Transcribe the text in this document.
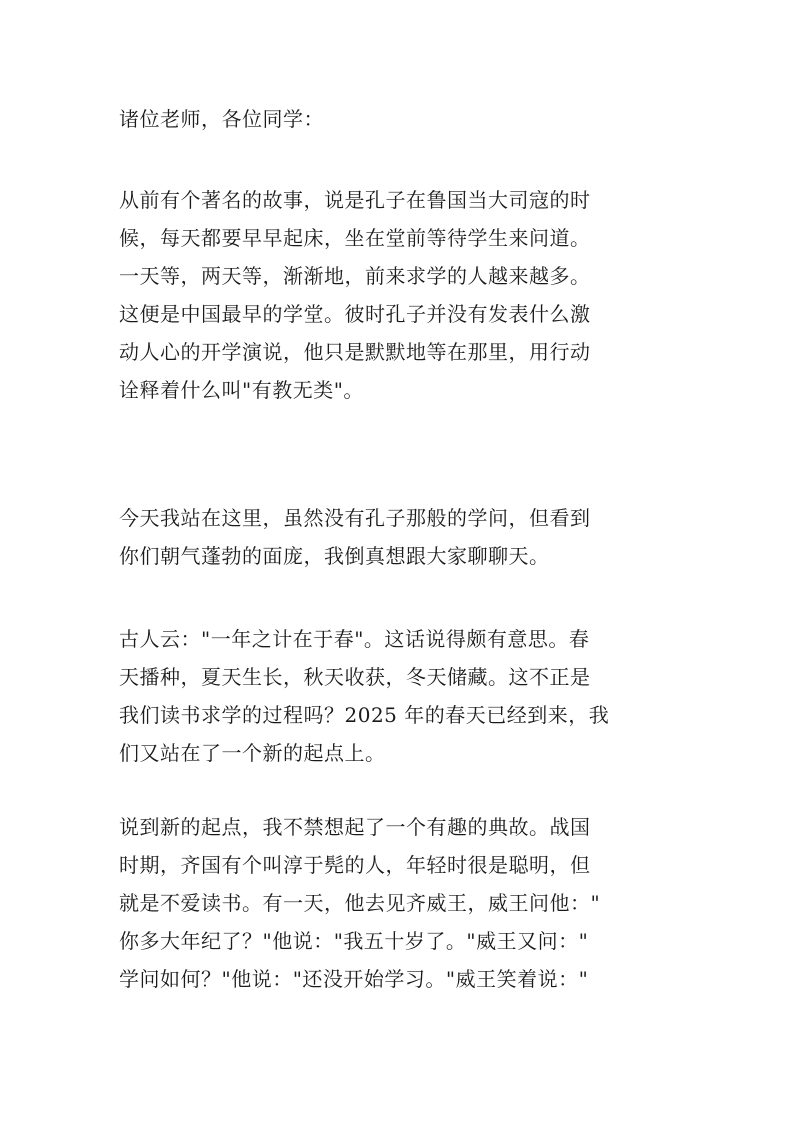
诸位老师，各位同学：
从前有个著名的故事，说是孔子在鲁国当大司寇的时
候，每天都要早早起床，坐在堂前等待学生来问道。
一天等，两天等，渐渐地，前来求学的人越来越多。
这便是中国最早的学堂。彼时孔子并没有发表什么激
动人心的开学演说，他只是默默地等在那里，用行动
诠释着什么叫"有教无类"。
今天我站在这里，虽然没有孔子那般的学问，但看到
你们朝气蓬勃的面庞，我倒真想跟大家聊聊天。
古人云："一年之计在于春"。这话说得颇有意思。春
天播种，夏天生长，秋天收获，冬天储藏。这不正是
我们读书求学的过程吗？2025 年的春天已经到来，我
们又站在了一个新的起点上。
说到新的起点，我不禁想起了一个有趣的典故。战国
时期，齐国有个叫淳于髡的人，年轻时很是聪明，但
就是不爱读书。有一天，他去见齐威王，威王问他："
你多大年纪了？"他说："我五十岁了。"威王又问："
学问如何？"他说："还没开始学习。"威王笑着说："
